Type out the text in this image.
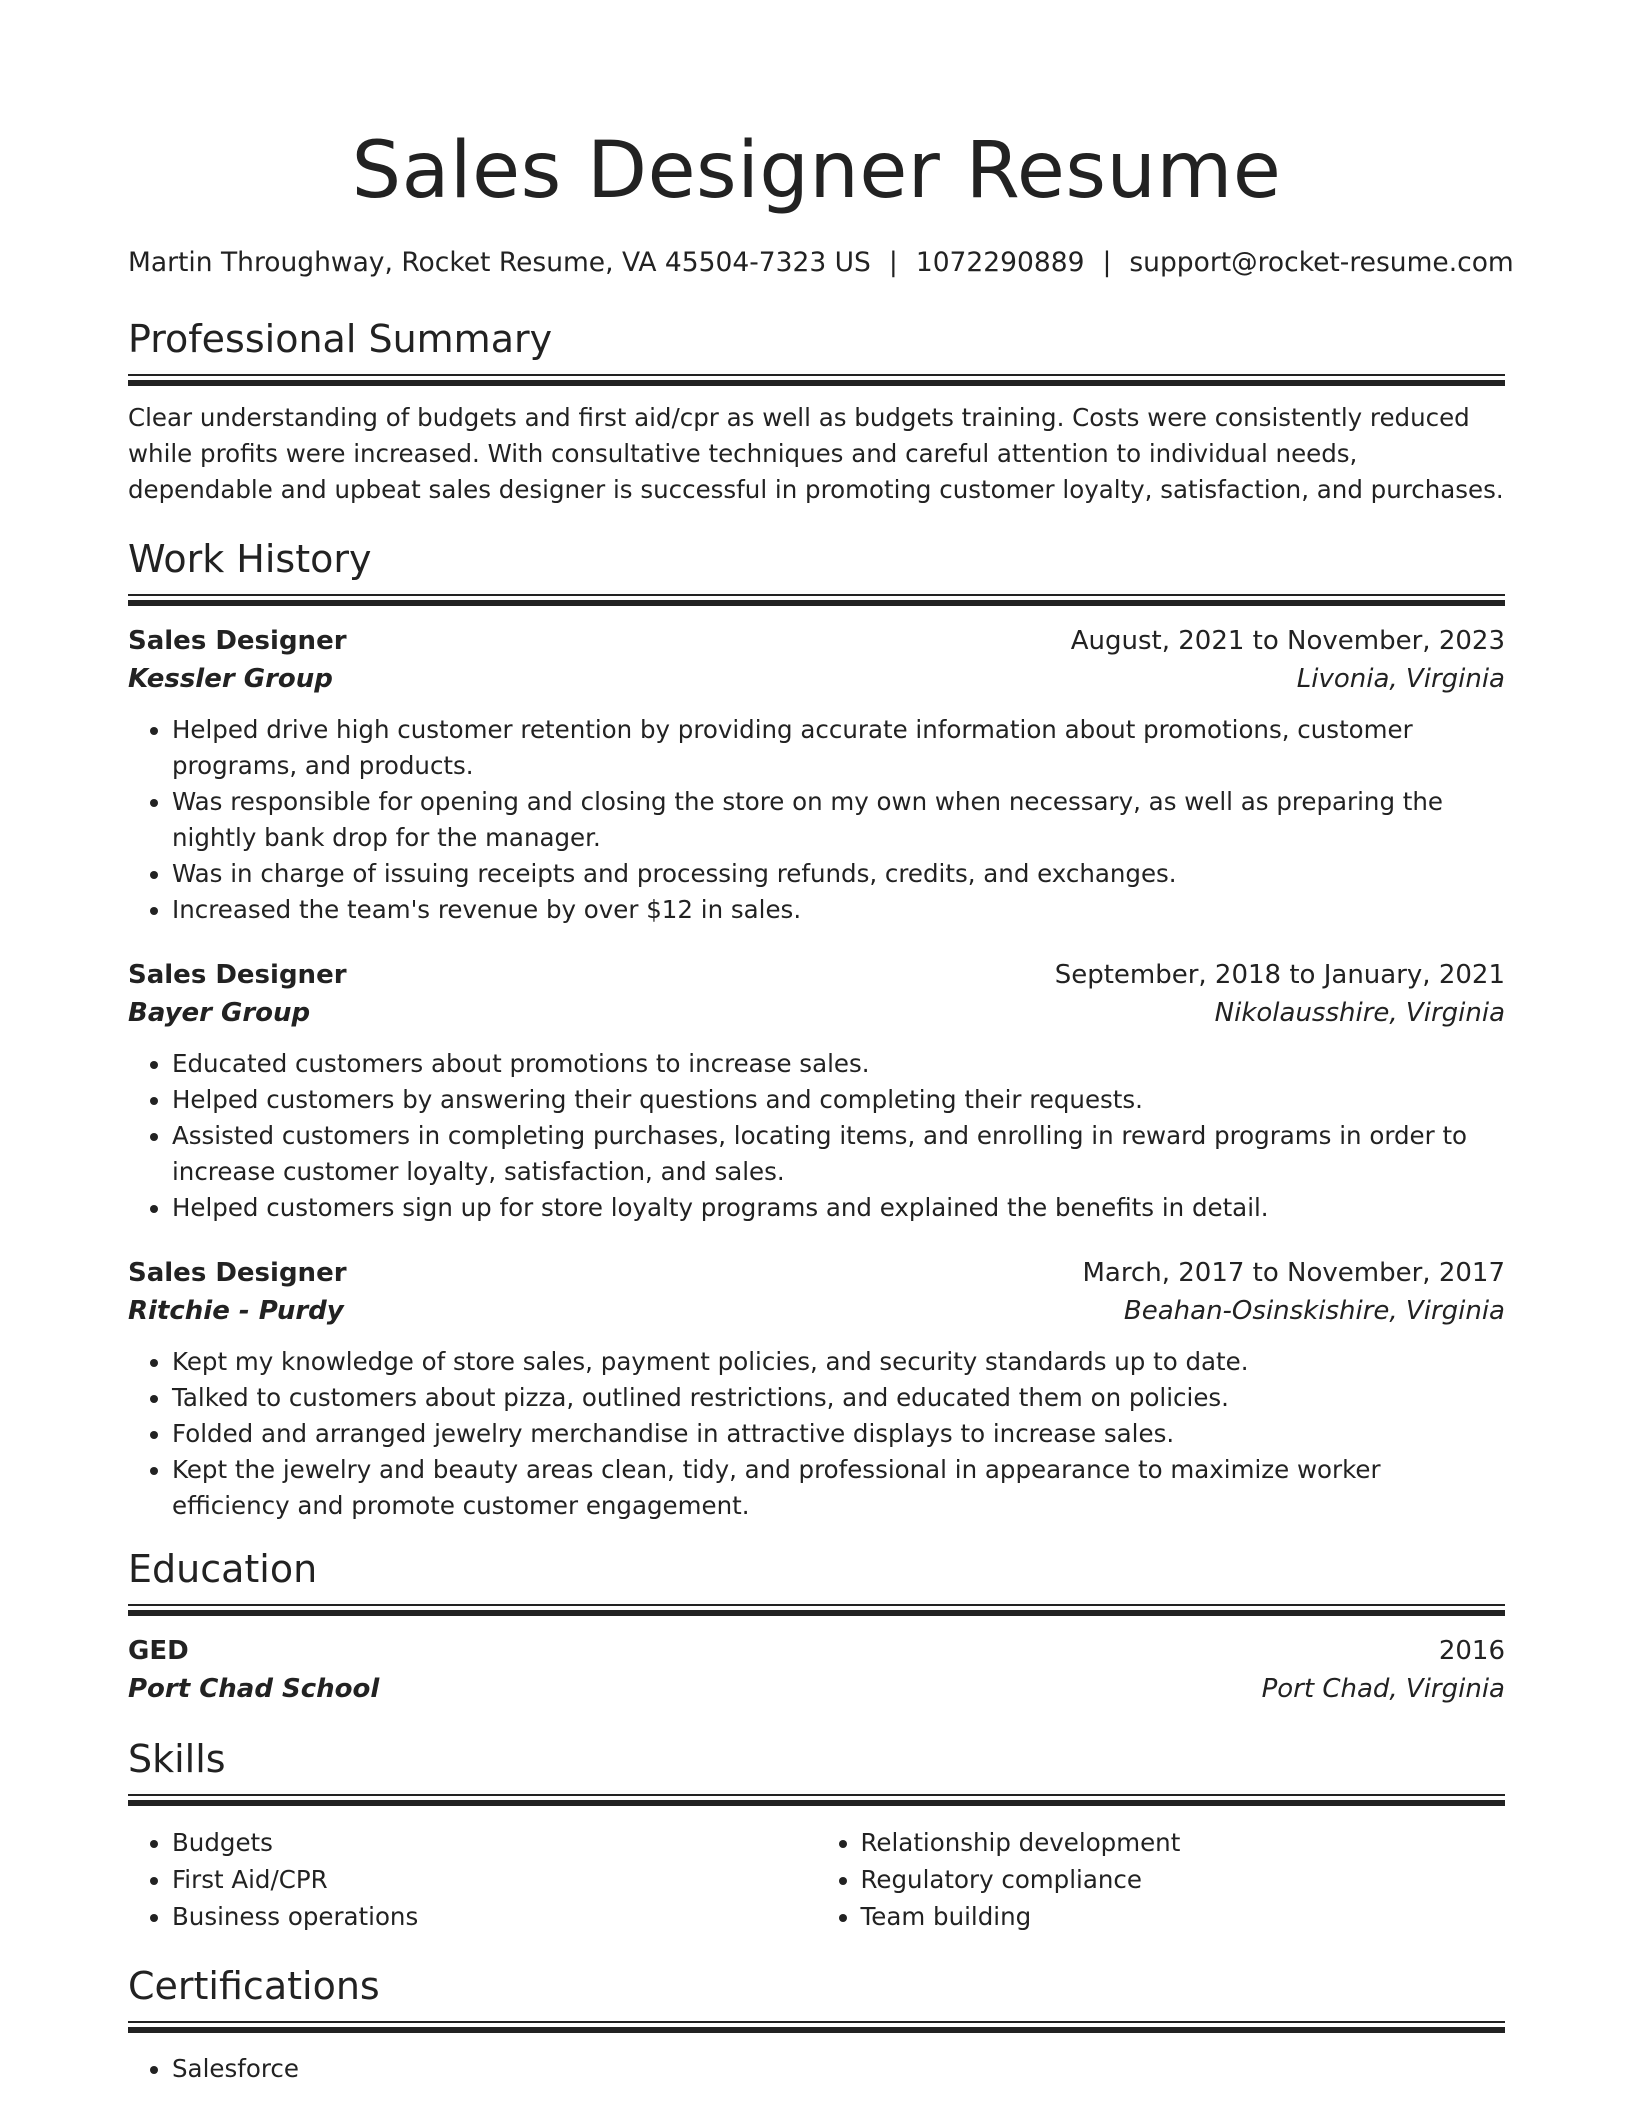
Sales Designer Resume
Martin Throughway, Rocket Resume, VA 45504-7323 US | 1072290889 | support@rocket-resume.com
Professional Summary
Clear understanding of budgets and first aid/cpr as well as budgets training. Costs were consistently reduced while profits were increased. With consultative techniques and careful attention to individual needs, dependable and upbeat sales designer is successful in promoting customer loyalty, satisfaction, and purchases.
Work History
Sales Designer	August, 2021 to November, 2023
Kessler Group	Livonia, Virginia
• Helped drive high customer retention by providing accurate information about promotions, customer programs, and products.
• Was responsible for opening and closing the store on my own when necessary, as well as preparing the nightly bank drop for the manager.
• Was in charge of issuing receipts and processing refunds, credits, and exchanges.
• Increased the team's revenue by over $12 in sales.
Sales Designer	September, 2018 to January, 2021
Bayer Group	Nikolausshire, Virginia
• Educated customers about promotions to increase sales.
• Helped customers by answering their questions and completing their requests.
• Assisted customers in completing purchases, locating items, and enrolling in reward programs in order to increase customer loyalty, satisfaction, and sales.
• Helped customers sign up for store loyalty programs and explained the benefits in detail.
Sales Designer	March, 2017 to November, 2017
Ritchie - Purdy	Beahan-Osinskishire, Virginia
• Kept my knowledge of store sales, payment policies, and security standards up to date.
• Talked to customers about pizza, outlined restrictions, and educated them on policies.
• Folded and arranged jewelry merchandise in attractive displays to increase sales.
• Kept the jewelry and beauty areas clean, tidy, and professional in appearance to maximize worker efficiency and promote customer engagement.
Education
GED	2016
Port Chad School	Port Chad, Virginia
Skills
• Budgets
• First Aid/CPR
• Business operations
• Relationship development
• Regulatory compliance
• Team building
Certifications
• Salesforce
